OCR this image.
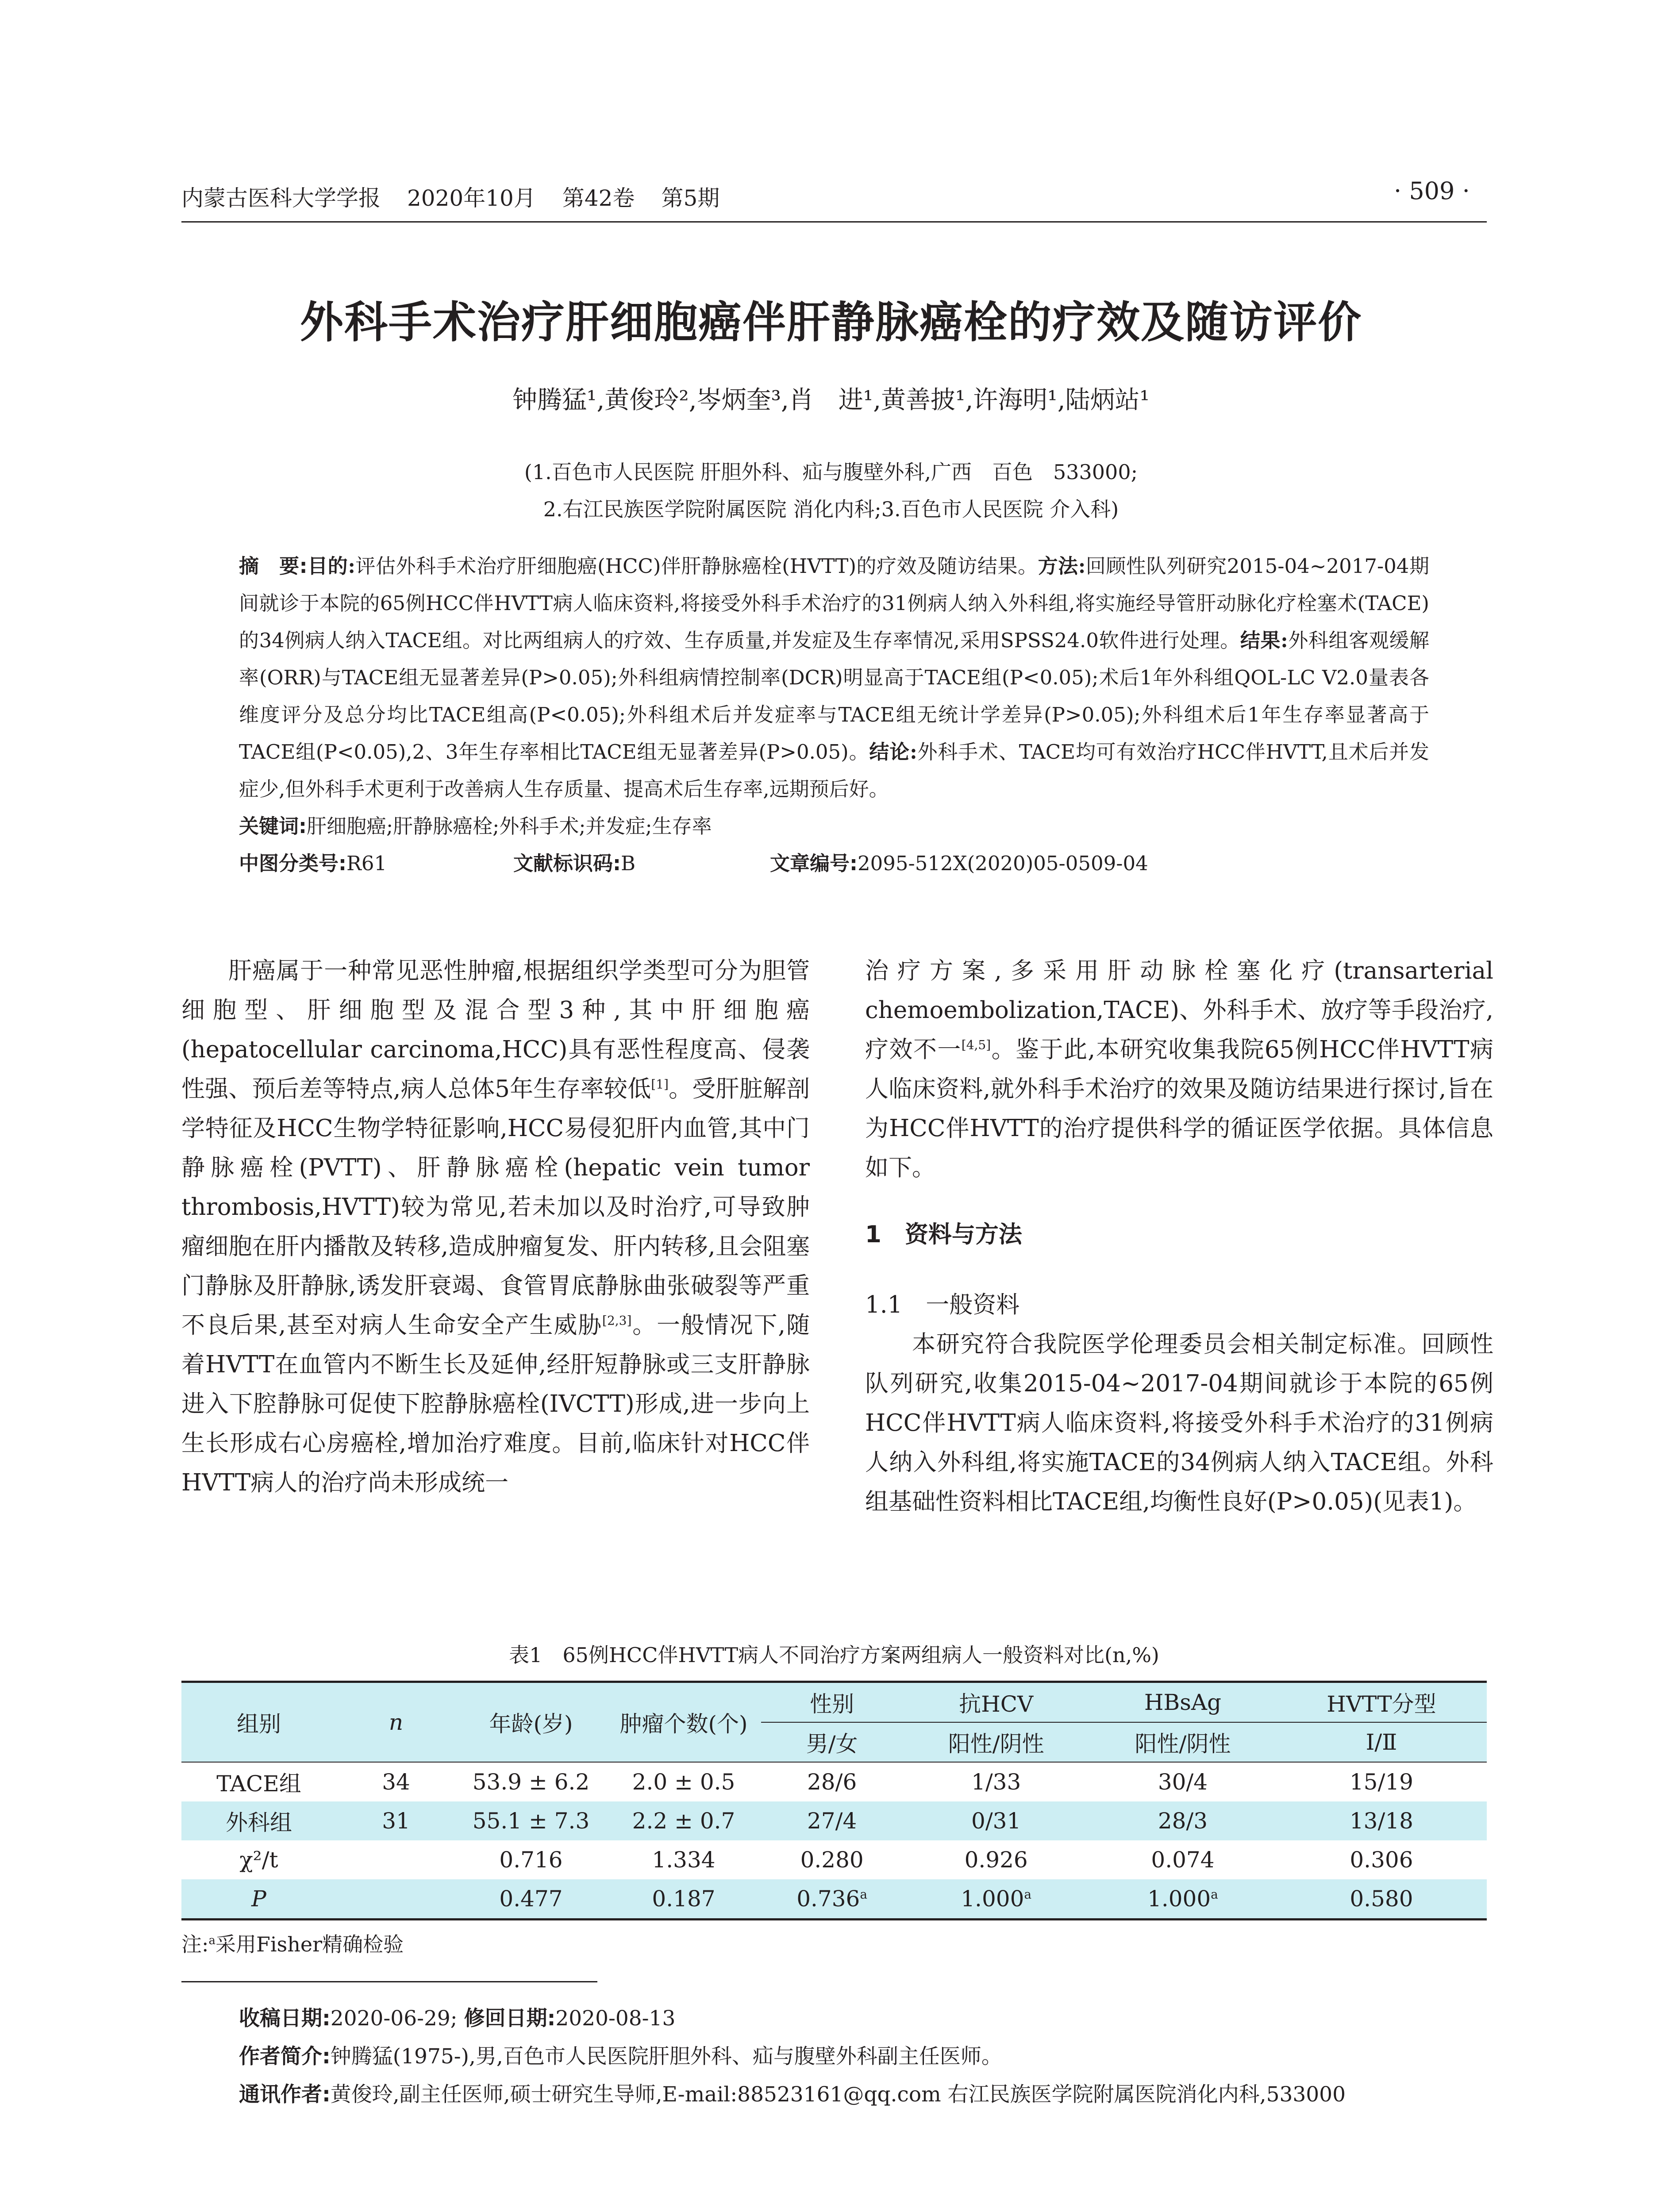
内蒙古医科大学学报 2020年10月 第42卷 第5期	· 509 ·
外科手术治疗肝细胞癌伴肝静脉癌栓的疗效及随访评价
钟腾猛¹,黄俊玲²,岑炳奎³,肖　进¹,黄善披¹,许海明¹,陆炳站¹
(1.百色市人民医院 肝胆外科、疝与腹壁外科,广西　百色　533000;
2.右江民族医学院附属医院 消化内科;3.百色市人民医院 介入科)

摘　要:目的:评估外科手术治疗肝细胞癌(HCC)伴肝静脉癌栓(HVTT)的疗效及随访结果。方法:回顾性队列研究2015-04~2017-04期间就诊于本院的65例HCC伴HVTT病人临床资料,将接受外科手术治疗的31例病人纳入外科组,将实施经导管肝动脉化疗栓塞术(TACE)的34例病人纳入TACE组。对比两组病人的疗效、生存质量,并发症及生存率情况,采用SPSS24.0软件进行处理。结果:外科组客观缓解率(ORR)与TACE组无显著差异(P>0.05);外科组病情控制率(DCR)明显高于TACE组(P<0.05);术后1年外科组QOL-LC V2.0量表各维度评分及总分均比TACE组高(P<0.05);外科组术后并发症率与TACE组无统计学差异(P>0.05);外科组术后1年生存率显著高于TACE组(P<0.05),2、3年生存率相比TACE组无显著差异(P>0.05)。结论:外科手术、TACE均可有效治疗HCC伴HVTT,且术后并发症少,但外科手术更利于改善病人生存质量、提高术后生存率,远期预后好。

关键词:肝细胞癌;肝静脉癌栓;外科手术;并发症;生存率

中图分类号:R61	文献标识码:B	文章编号:2095-512X(2020)05-0509-04

肝癌属于一种常见恶性肿瘤,根据组织学类型可分为胆管细胞型、肝细胞型及混合型3种,其中肝细胞癌(hepatocellular carcinoma,HCC)具有恶性程度高、侵袭性强、预后差等特点,病人总体5年生存率较低[1]。受肝脏解剖学特征及HCC生物学特征影响,HCC易侵犯肝内血管,其中门静脉癌栓(PVTT)、肝静脉癌栓(hepatic vein tumor thrombosis,HVTT)较为常见,若未加以及时治疗,可导致肿瘤细胞在肝内播散及转移,造成肿瘤复发、肝内转移,且会阻塞门静脉及肝静脉,诱发肝衰竭、食管胃底静脉曲张破裂等严重不良后果,甚至对病人生命安全产生威胁[2,3]。一般情况下,随着HVTT在血管内不断生长及延伸,经肝短静脉或三支肝静脉进入下腔静脉可促使下腔静脉癌栓(IVCTT)形成,进一步向上生长形成右心房癌栓,增加治疗难度。目前,临床针对HCC伴HVTT病人的治疗尚未形成统一

治疗方案,多采用肝动脉栓塞化疗(transarterial chemoembolization,TACE)、外科手术、放疗等手段治疗,疗效不一[4,5]。鉴于此,本研究收集我院65例HCC伴HVTT病人临床资料,就外科手术治疗的效果及随访结果进行探讨,旨在为HCC伴HVTT的治疗提供科学的循证医学依据。具体信息如下。

1　资料与方法
1.1　一般资料

本研究符合我院医学伦理委员会相关制定标准。回顾性队列研究,收集2015-04~2017-04期间就诊于本院的65例HCC伴HVTT病人临床资料,将接受外科手术治疗的31例病人纳入外科组,将实施TACE的34例病人纳入TACE组。外科组基础性资料相比TACE组,均衡性良好(P>0.05)(见表1)。

表1　65例HCC伴HVTT病人不同治疗方案两组病人一般资料对比(n,%)
组别	n	年龄(岁)	肿瘤个数(个)	性别	抗HCV	HBsAg	HVTT分型
				男/女	阳性/阴性	阳性/阴性	Ⅰ/Ⅱ
TACE组	34	53.9 ± 6.2	2.0 ± 0.5	28/6	1/33	30/4	15/19
外科组	31	55.1 ± 7.3	2.2 ± 0.7	27/4	0/31	28/3	13/18
χ²/t		0.716	1.334	0.280	0.926	0.074	0.306
P		0.477	0.187	0.736$^a$	1.000$^a$	1.000$^a$	0.580
注:$^a$采用Fisher精确检验

收稿日期:2020-06-29; 修回日期:2020-08-13

作者简介:钟腾猛(1975-),男,百色市人民医院肝胆外科、疝与腹壁外科副主任医师。

通讯作者:黄俊玲,副主任医师,硕士研究生导师,E-mail:88523161@qq.com 右江民族医学院附属医院消化内科,533000
